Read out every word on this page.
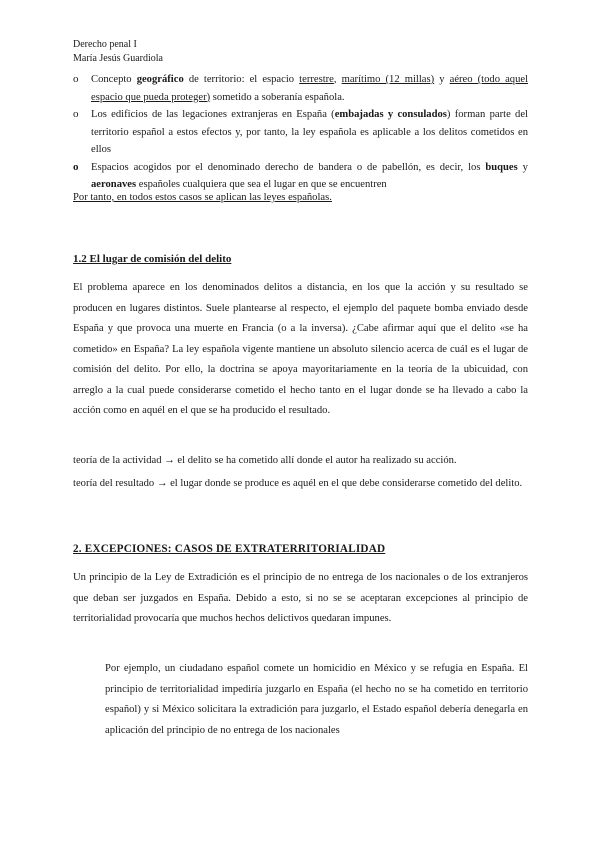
Derecho penal I
María Jesús Guardiola
o	Concepto geográfico de territorio: el espacio terrestre, marítimo (12 millas) y aéreo (todo aquel espacio que pueda proteger) sometido a soberanía española.
o	Los edificios de las legaciones extranjeras en España (embajadas y consulados) forman parte del territorio español a estos efectos y, por tanto, la ley española es aplicable a los delitos cometidos en ellos
o	Espacios acogidos por el denominado derecho de bandera o de pabellón, es decir, los buques y aeronaves españoles cualquiera que sea el lugar en que se encuentren
Por tanto, en todos estos casos se aplican las leyes españolas.
1.2 El lugar de comisión del delito

El problema aparece en los denominados delitos a distancia, en los que la acción y su resultado se producen en lugares distintos. Suele plantearse al respecto, el ejemplo del paquete bomba enviado desde España y que provoca una muerte en Francia (o a la inversa). ¿Cabe afirmar aquí que el delito «se ha cometido» en España? La ley española vigente mantiene un absoluto silencio acerca de cuál es el lugar de comisión del delito. Por ello, la doctrina se apoya mayoritariamente en la teoría de la ubicuidad, con arreglo a la cual puede considerarse cometido el hecho tanto en el lugar donde se ha llevado a cabo la acción como en aquél en el que se ha producido el resultado.

teoría de la actividad → el delito se ha cometido allí donde el autor ha realizado su acción.

teoría del resultado → el lugar donde se produce es aquél en el que debe considerarse cometido del delito.

2. EXCEPCIONES: CASOS DE EXTRATERRITORIALIDAD

Un principio de la Ley de Extradición es el principio de no entrega de los nacionales o de los extranjeros que deban ser juzgados en España. Debido a esto, si no se se aceptaran excepciones al principio de territorialidad provocaría que muchos hechos delictivos quedaran impunes.

Por ejemplo, un ciudadano español comete un homicidio en México y se refugia en España. El principio de territorialidad impediría juzgarlo en España (el hecho no se ha cometido en territorio español) y si México solicitara la extradición para juzgarlo, el Estado español debería denegarla en aplicación del principio de no entrega de los nacionales
